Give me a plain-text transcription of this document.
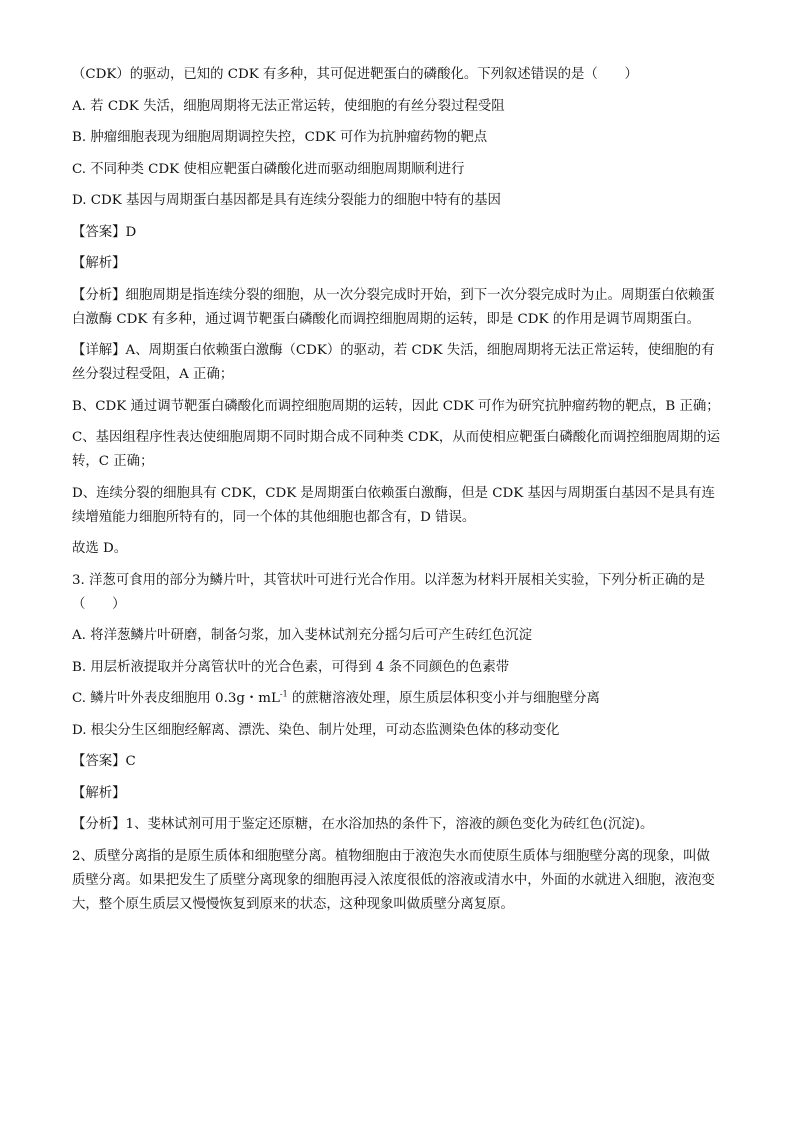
（CDK）的驱动，已知的 CDK 有多种，其可促进靶蛋白的磷酸化。下列叙述错误的是（　　）

A. 若 CDK 失活，细胞周期将无法正常运转，使细胞的有丝分裂过程受阻

B. 肿瘤细胞表现为细胞周期调控失控，CDK 可作为抗肿瘤药物的靶点

C. 不同种类 CDK 使相应靶蛋白磷酸化进而驱动细胞周期顺利进行

D. CDK 基因与周期蛋白基因都是具有连续分裂能力的细胞中特有的基因

【答案】D

【解析】

【分析】细胞周期是指连续分裂的细胞，从一次分裂完成时开始，到下一次分裂完成时为止。周期蛋白依赖蛋白激酶 CDK 有多种，通过调节靶蛋白磷酸化而调控细胞周期的运转，即是 CDK 的作用是调节周期蛋白。

【详解】A、周期蛋白依赖蛋白激酶（CDK）的驱动，若 CDK 失活，细胞周期将无法正常运转，使细胞的有丝分裂过程受阻，A 正确；

B、CDK 通过调节靶蛋白磷酸化而调控细胞周期的运转，因此 CDK 可作为研究抗肿瘤药物的靶点，B 正确；

C、基因组程序性表达使细胞周期不同时期合成不同种类 CDK，从而使相应靶蛋白磷酸化而调控细胞周期的运转，C 正确；

D、连续分裂的细胞具有 CDK，CDK 是周期蛋白依赖蛋白激酶，但是 CDK 基因与周期蛋白基因不是具有连续增殖能力细胞所特有的，同一个体的其他细胞也都含有，D 错误。

故选 D。

3. 洋葱可食用的部分为鳞片叶，其管状叶可进行光合作用。以洋葱为材料开展相关实验，下列分析正确的是（　　）

A. 将洋葱鳞片叶研磨，制备匀浆，加入斐林试剂充分摇匀后可产生砖红色沉淀

B. 用层析液提取并分离管状叶的光合色素，可得到 4 条不同颜色的色素带

C. 鳞片叶外表皮细胞用 0.3g・$mL^{-1}$ 的蔗糖溶液处理，原生质层体积变小并与细胞壁分离

D. 根尖分生区细胞经解离、漂洗、染色、制片处理，可动态监测染色体的移动变化

【答案】C

【解析】

【分析】1、斐林试剂可用于鉴定还原糖，在水浴加热的条件下，溶液的颜色变化为砖红色(沉淀)。

2、质壁分离指的是原生质体和细胞壁分离。植物细胞由于液泡失水而使原生质体与细胞壁分离的现象，叫做质壁分离。如果把发生了质壁分离现象的细胞再浸入浓度很低的溶液或清水中，外面的水就进入细胞，液泡变大，整个原生质层又慢慢恢复到原来的状态，这种现象叫做质壁分离复原。
